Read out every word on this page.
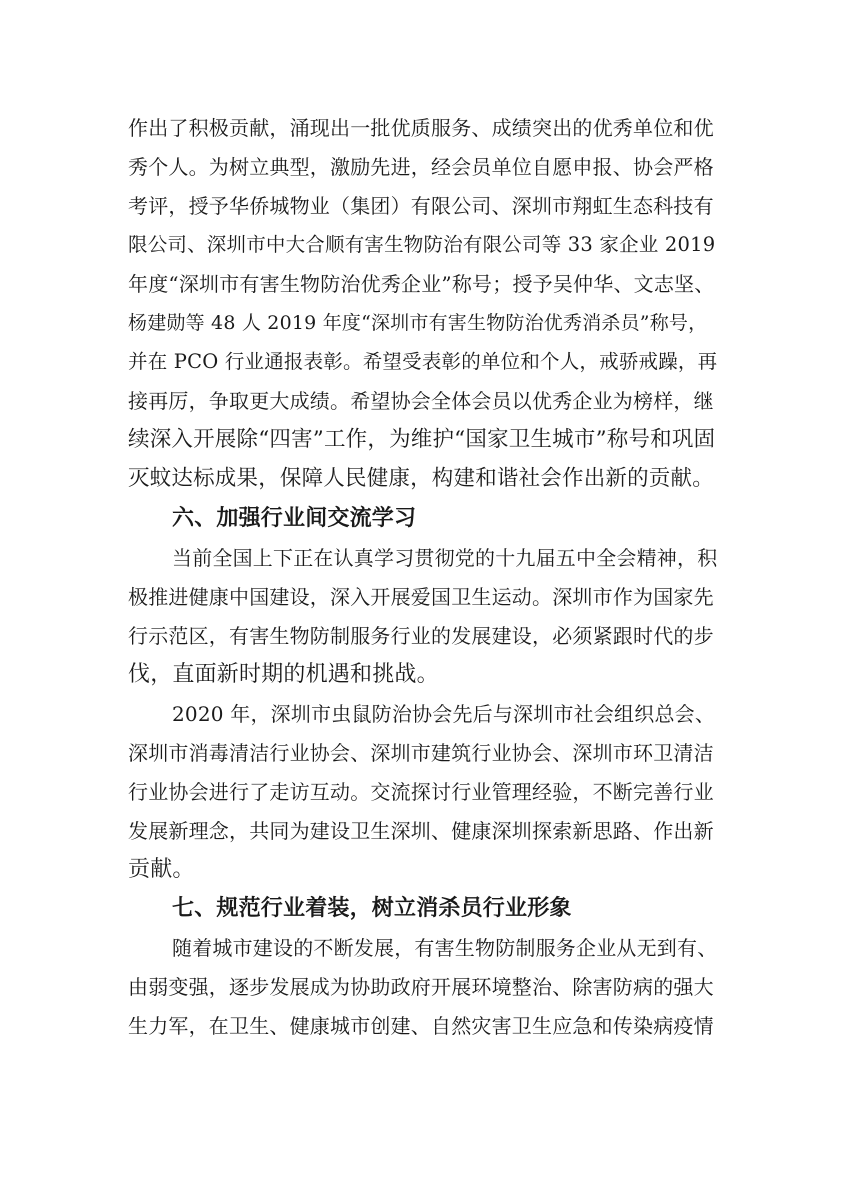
作出了积极贡献，涌现出一批优质服务、成绩突出的优秀单位和优
秀个人。为树立典型，激励先进，经会员单位自愿申报、协会严格
考评，授予华侨城物业（集团）有限公司、深圳市翔虹生态科技有
限公司、深圳市中大合顺有害生物防治有限公司等 33 家企业 2019
年度“深圳市有害生物防治优秀企业”称号；授予吴仲华、文志坚、
杨建勋等 48 人 2019 年度“深圳市有害生物防治优秀消杀员”称号，
并在 PCO 行业通报表彰。希望受表彰的单位和个人，戒骄戒躁，再
接再厉，争取更大成绩。希望协会全体会员以优秀企业为榜样，继
续深入开展除“四害”工作，为维护“国家卫生城市”称号和巩固
灭蚊达标成果，保障人民健康，构建和谐社会作出新的贡献。
六、加强行业间交流学习
当前全国上下正在认真学习贯彻党的十九届五中全会精神，积
极推进健康中国建设，深入开展爱国卫生运动。深圳市作为国家先
行示范区，有害生物防制服务行业的发展建设，必须紧跟时代的步
伐，直面新时期的机遇和挑战。
2020 年，深圳市虫鼠防治协会先后与深圳市社会组织总会、
深圳市消毒清洁行业协会、深圳市建筑行业协会、深圳市环卫清洁
行业协会进行了走访互动。交流探讨行业管理经验，不断完善行业
发展新理念，共同为建设卫生深圳、健康深圳探索新思路、作出新
贡献。
七、规范行业着装，树立消杀员行业形象
随着城市建设的不断发展，有害生物防制服务企业从无到有、
由弱变强，逐步发展成为协助政府开展环境整治、除害防病的强大
生力军，在卫生、健康城市创建、自然灾害卫生应急和传染病疫情
